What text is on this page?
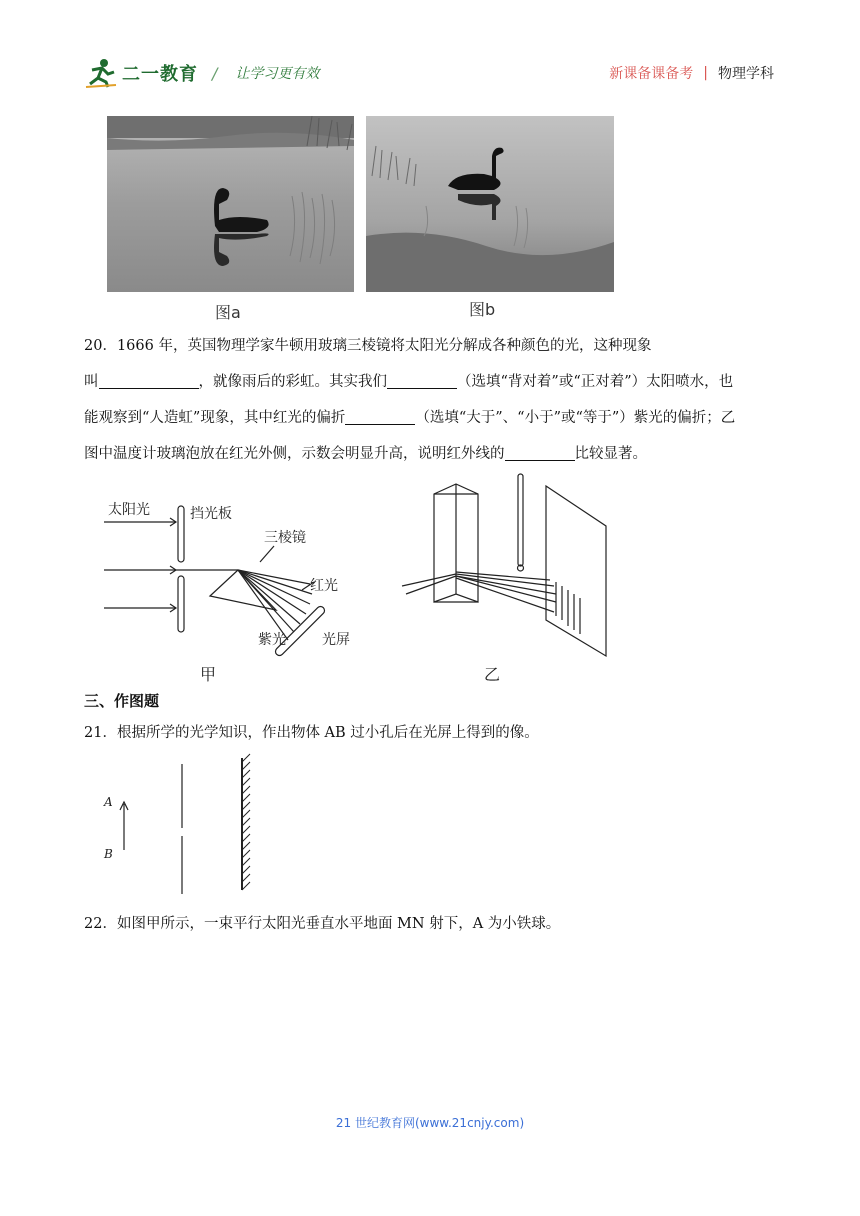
二一教育 / 让学习更有效	新课备课备考 | 物理学科
图a	图b
20．1666 年，英国物理学家牛顿用玻璃三棱镜将太阳光分解成各种颜色的光，这种现象
叫	，就像雨后的彩虹。其实我们	（选填“背对着”或“正对着”）太阳喷水，也
能观察到“人造虹”现象，其中红光的偏折	（选填“大于”、“小于”或“等于”）紫光的偏折；乙
图中温度计玻璃泡放在红光外侧，示数会明显升高，说明红外线的	比较显著。
太阳光	挡光板
三棱镜
红光
紫光	光屏
甲	乙
三、作图题
21．根据所学的光学知识，作出物体 AB 过小孔后在光屏上得到的像。
A
B
22．如图甲所示，一束平行太阳光垂直水平地面 MN 射下，A 为小铁球。
21 世纪教育网(www.21cnjy.com)
